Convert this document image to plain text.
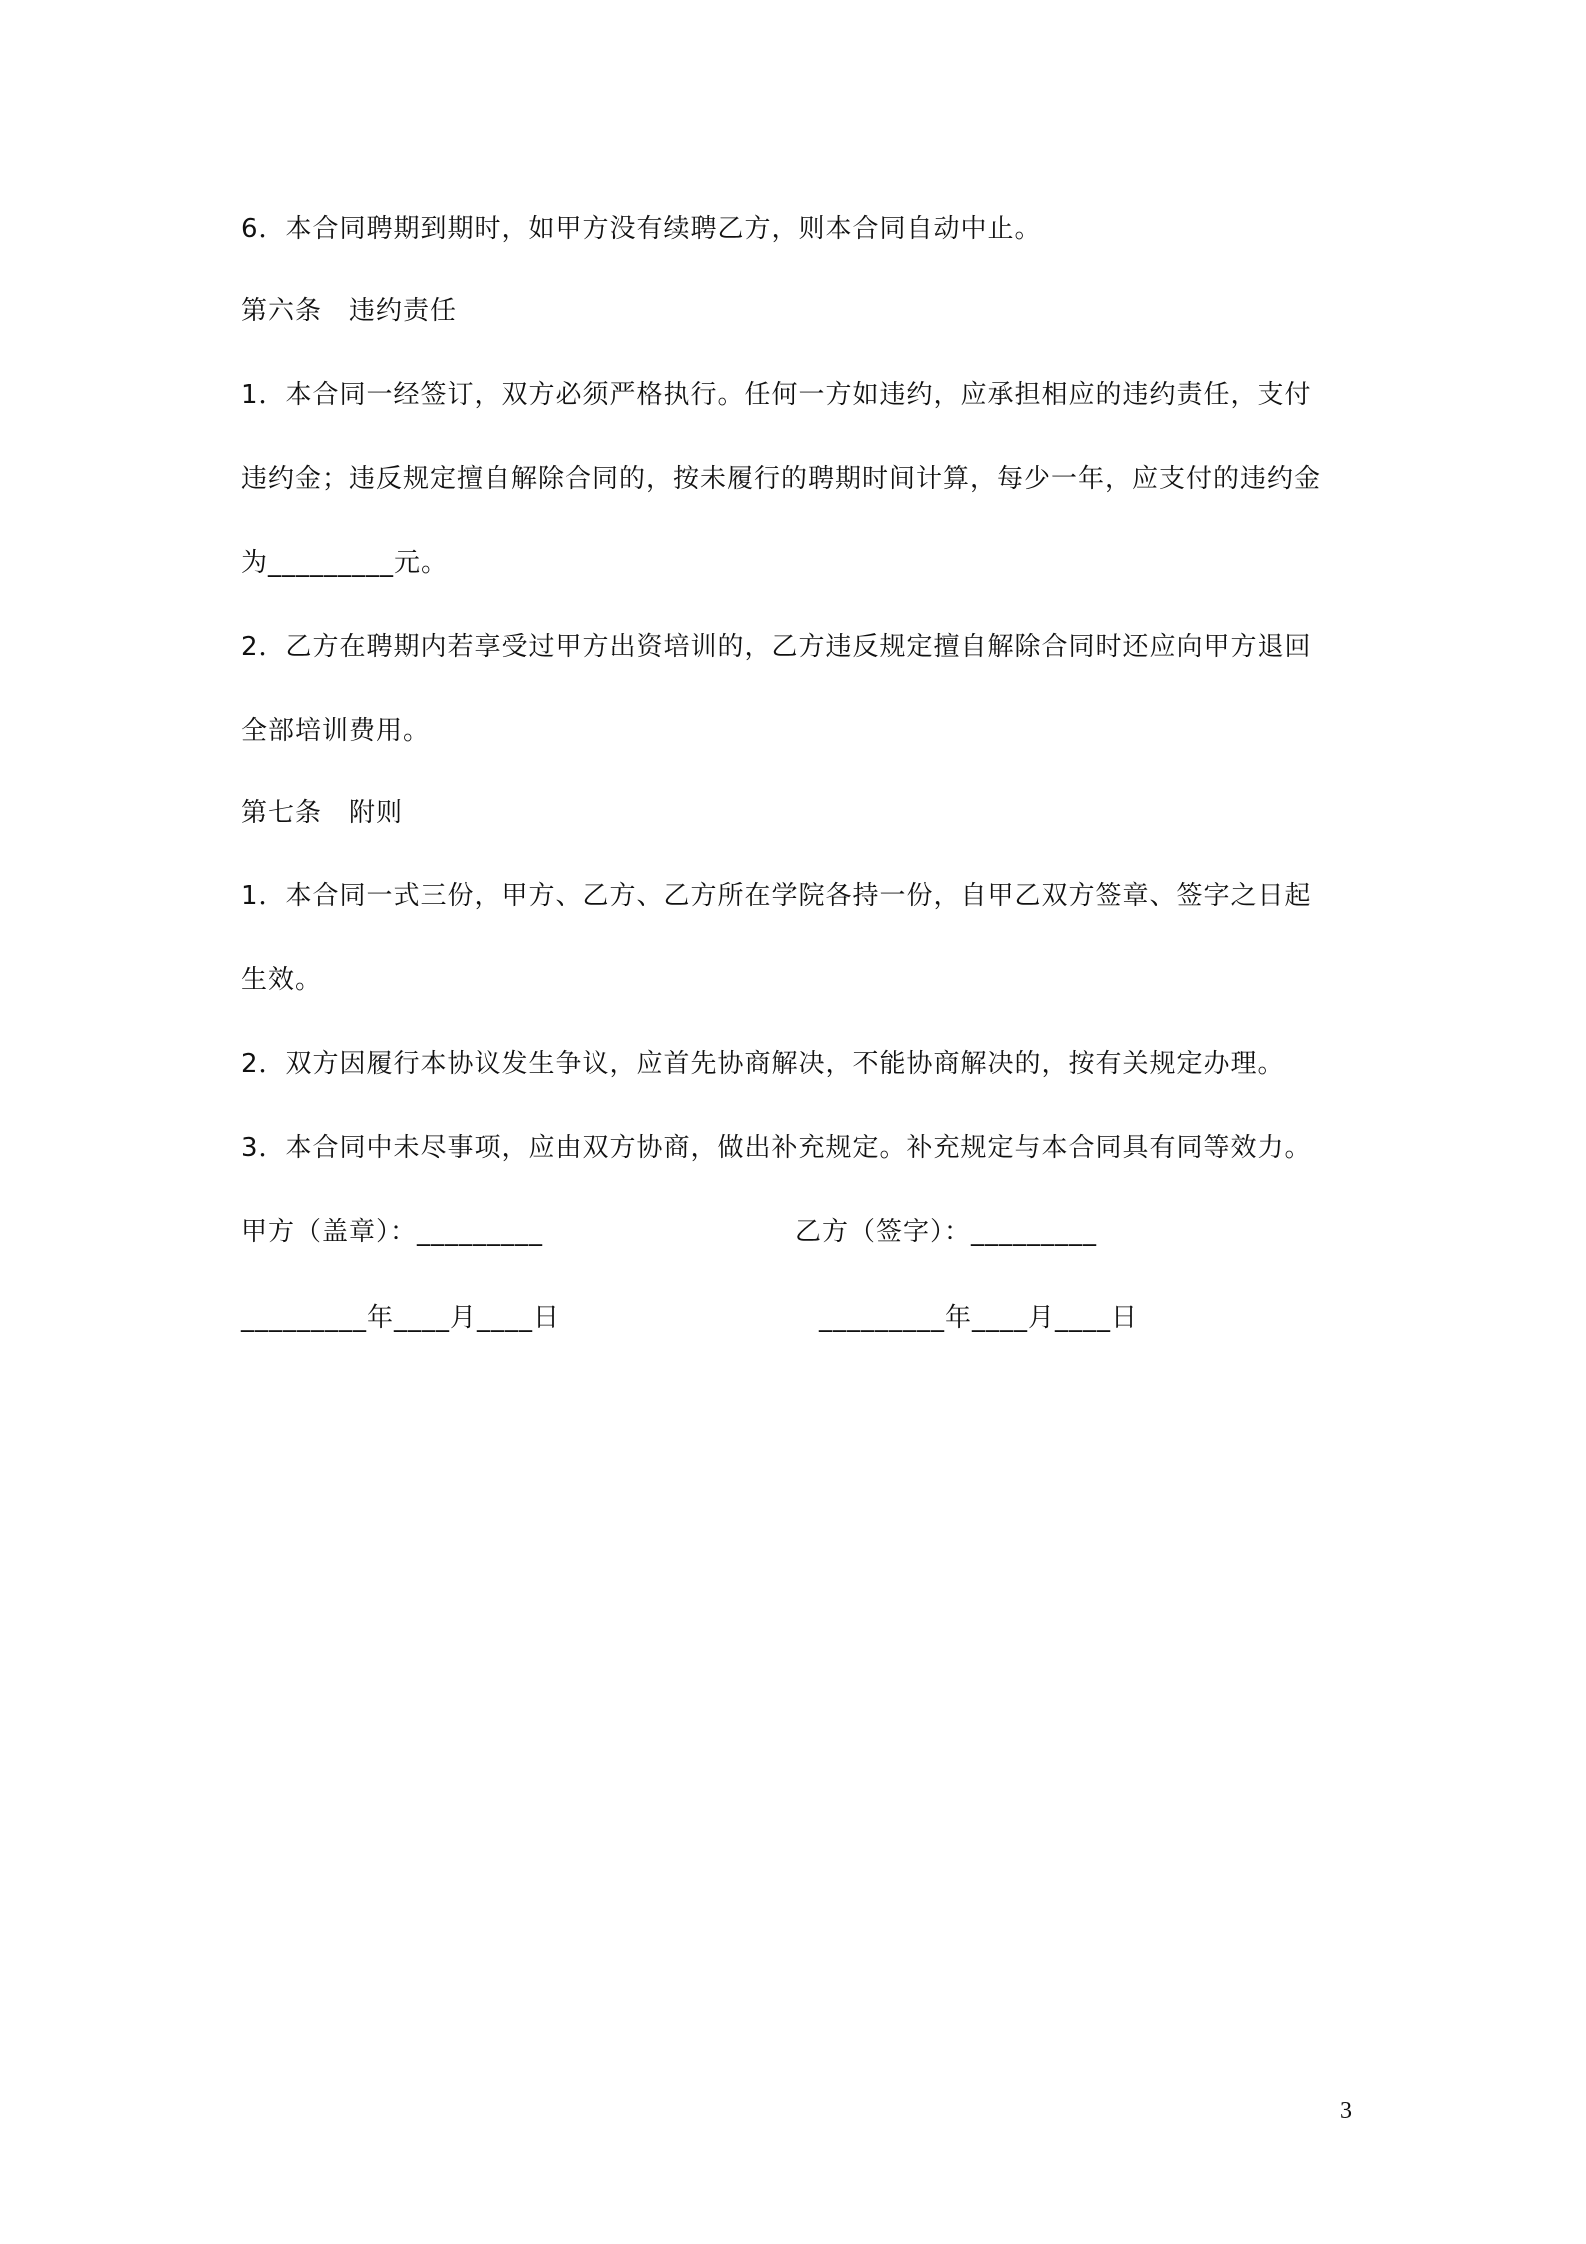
6．本合同聘期到期时，如甲方没有续聘乙方，则本合同自动中止。
第六条　违约责任
1．本合同一经签订，双方必须严格执行。任何一方如违约，应承担相应的违约责任，支付
违约金；违反规定擅自解除合同的，按未履行的聘期时间计算，每少一年，应支付的违约金
为_________元。
2．乙方在聘期内若享受过甲方出资培训的，乙方违反规定擅自解除合同时还应向甲方退回
全部培训费用。
第七条　附则
1．本合同一式三份，甲方、乙方、乙方所在学院各持一份，自甲乙双方签章、签字之日起
生效。
2．双方因履行本协议发生争议，应首先协商解决，不能协商解决的，按有关规定办理。
3．本合同中未尽事项，应由双方协商，做出补充规定。补充规定与本合同具有同等效力。
甲方（盖章）：_________	乙方（签字）：_________
_________年____月____日	_________年____月____日
3
